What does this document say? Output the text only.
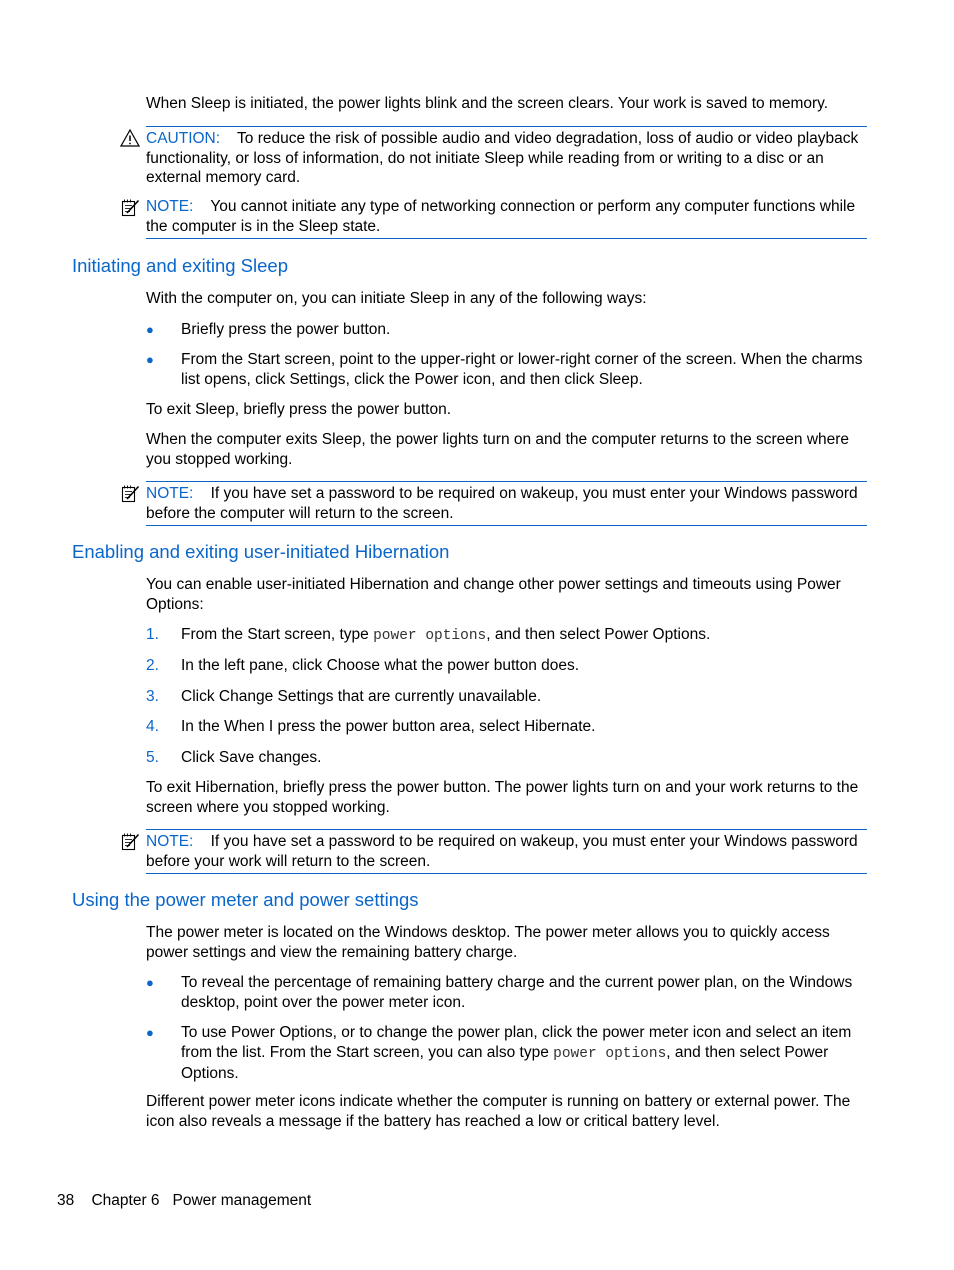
When Sleep is initiated, the power lights blink and the screen clears. Your work is saved to memory.

CAUTION: To reduce the risk of possible audio and video degradation, loss of audio or video playback functionality, or loss of information, do not initiate Sleep while reading from or writing to a disc or an external memory card.
NOTE: You cannot initiate any type of networking connection or perform any computer functions while the computer is in the Sleep state.
Initiating and exiting Sleep

With the computer on, you can initiate Sleep in any of the following ways:

● Briefly press the power button.
● From the Start screen, point to the upper-right or lower-right corner of the screen. When the charms list opens, click Settings, click the Power icon, and then click Sleep.

To exit Sleep, briefly press the power button.

When the computer exits Sleep, the power lights turn on and the computer returns to the screen where you stopped working.

NOTE: If you have set a password to be required on wakeup, you must enter your Windows password before the computer will return to the screen.
Enabling and exiting user-initiated Hibernation

You can enable user-initiated Hibernation and change other power settings and timeouts using Power Options:

1. From the Start screen, type power options, and then select Power Options.
2. In the left pane, click Choose what the power button does.
3. Click Change Settings that are currently unavailable.
4. In the When I press the power button area, select Hibernate.
5. Click Save changes.

To exit Hibernation, briefly press the power button. The power lights turn on and your work returns to the screen where you stopped working.

NOTE: If you have set a password to be required on wakeup, you must enter your Windows password before your work will return to the screen.
Using the power meter and power settings

The power meter is located on the Windows desktop. The power meter allows you to quickly access power settings and view the remaining battery charge.

● To reveal the percentage of remaining battery charge and the current power plan, on the Windows desktop, point over the power meter icon.
● To use Power Options, or to change the power plan, click the power meter icon and select an item from the list. From the Start screen, you can also type power options, and then select Power Options.

Different power meter icons indicate whether the computer is running on battery or external power. The icon also reveals a message if the battery has reached a low or critical battery level.

38 Chapter 6 Power management
